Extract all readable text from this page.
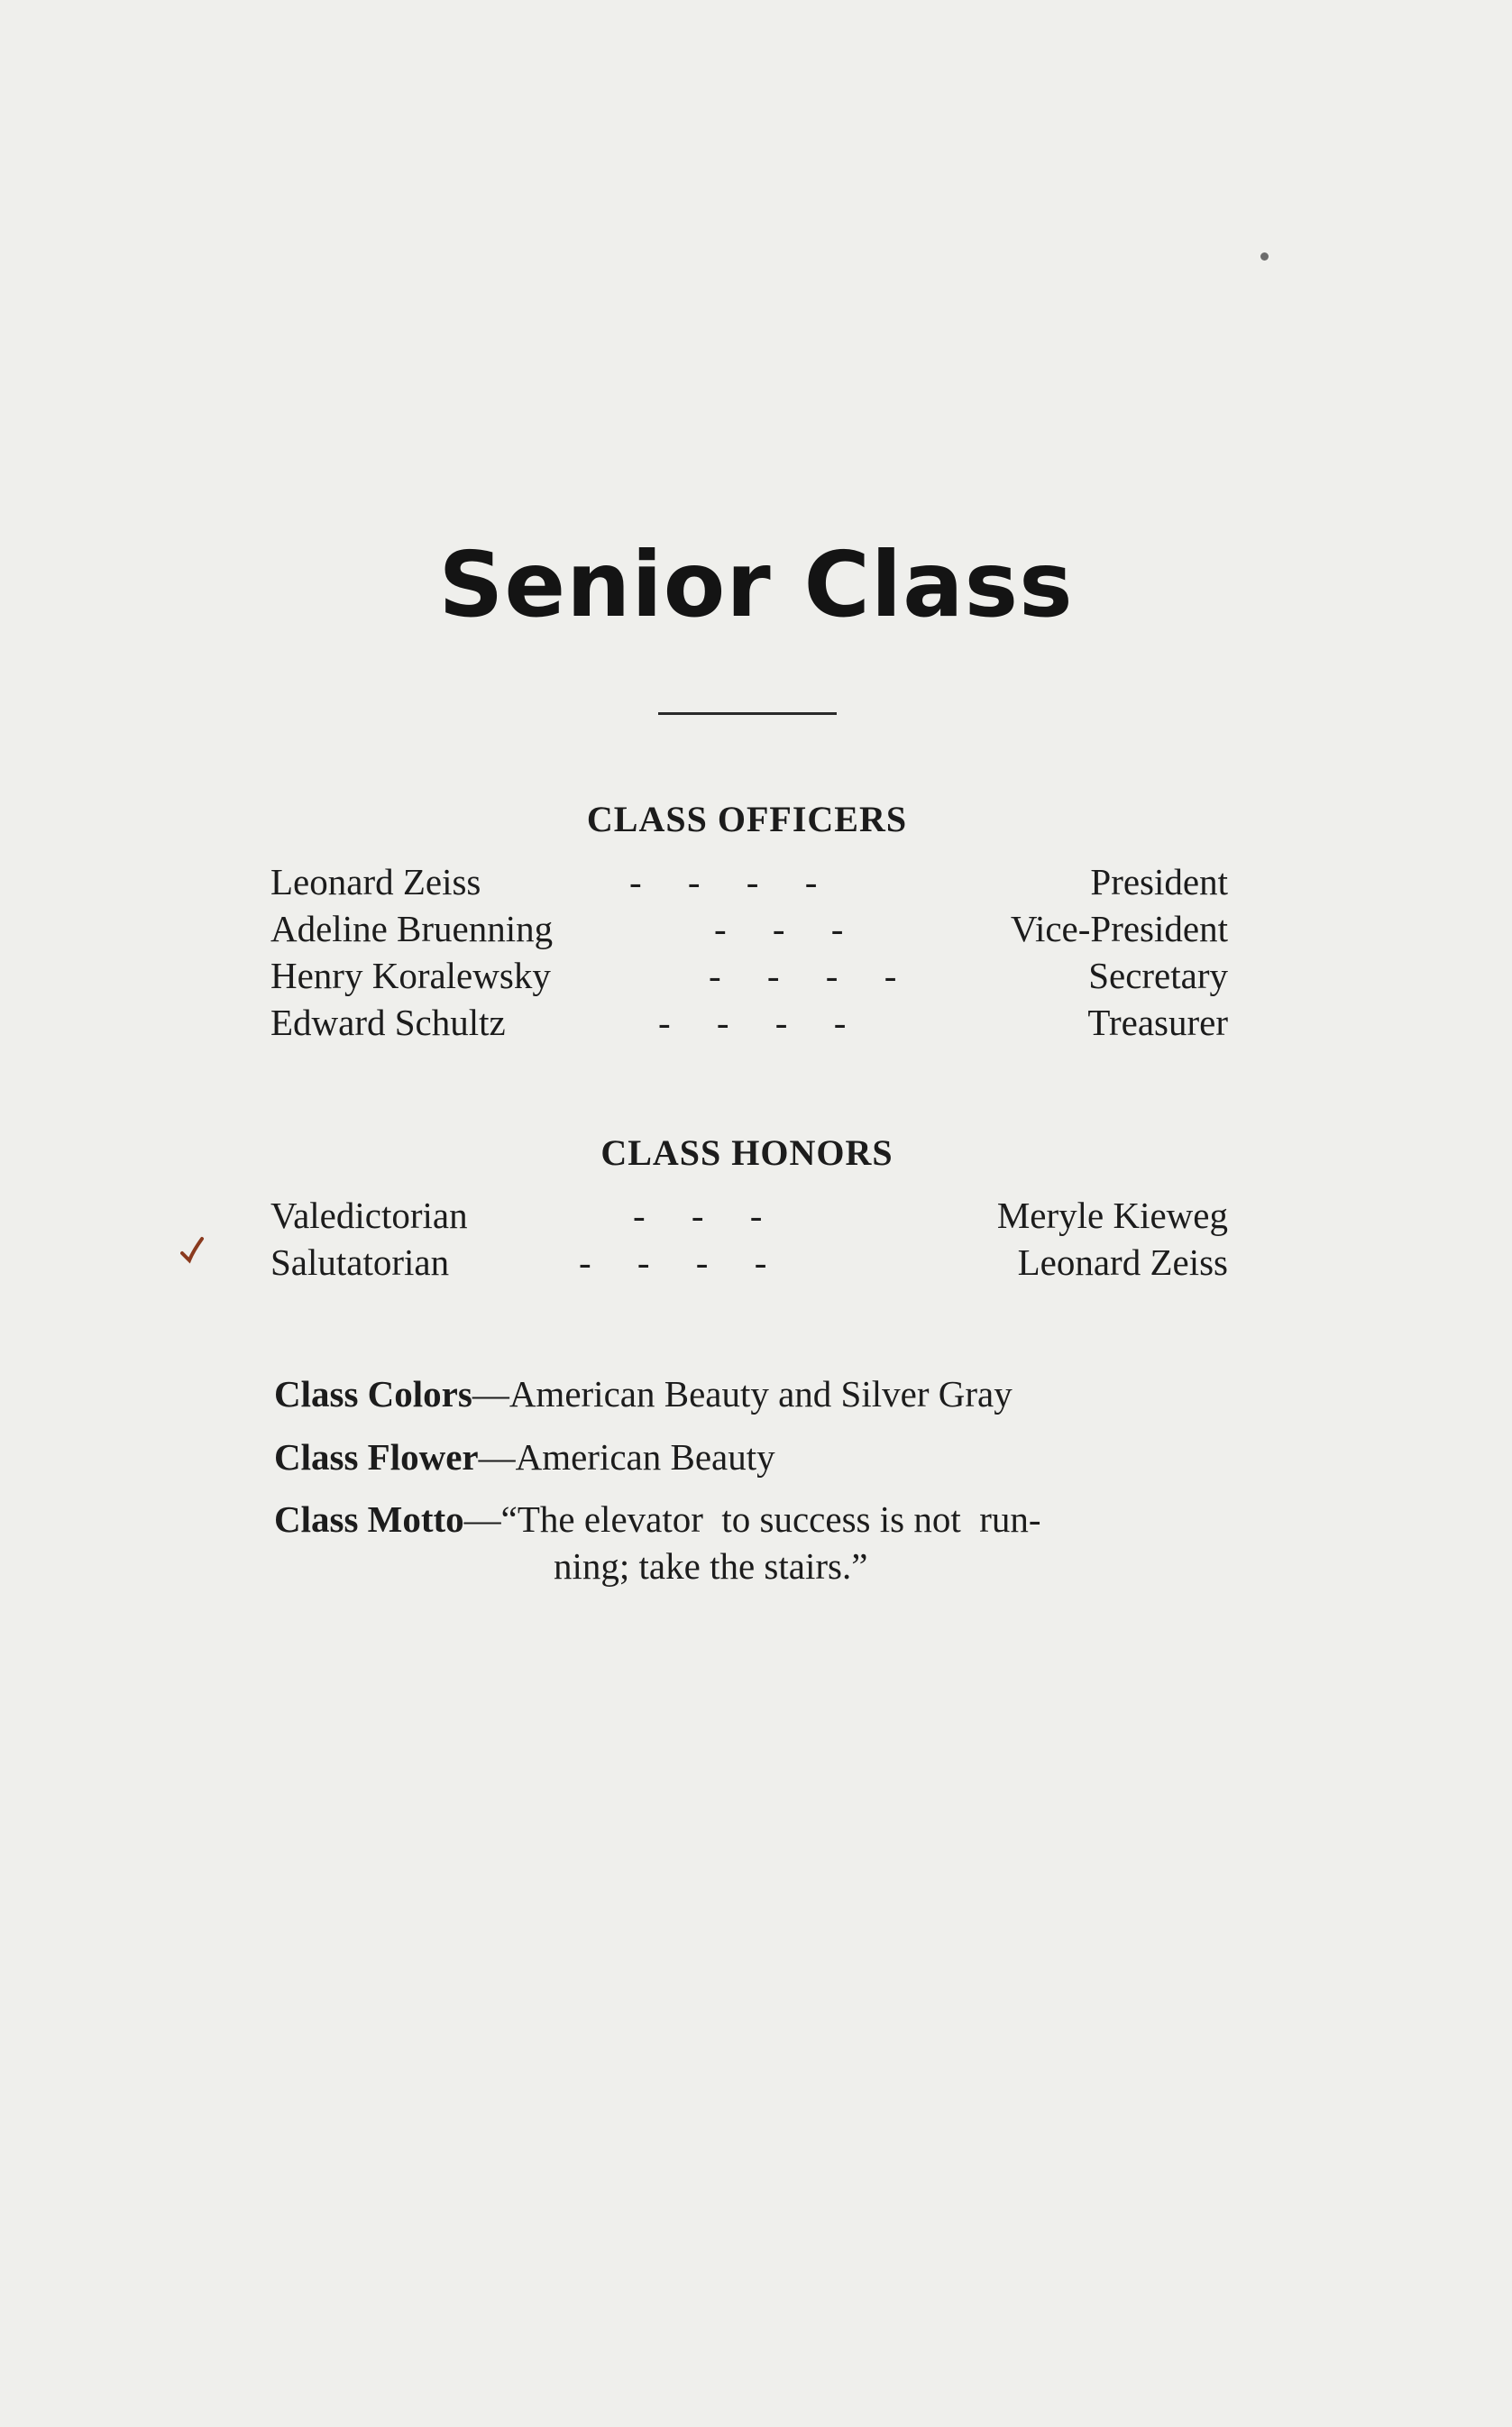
Senior Class
CLASS OFFICERS
Leonard Zeiss	-     -     -     -	President
Adeline Bruenning	-     -     -	Vice-President
Henry Koralewsky	-     -     -     -	Secretary
Edward Schultz	-     -     -     -	Treasurer
CLASS HONORS
Valedictorian	-     -     -	Meryle Kieweg
Salutatorian	-     -     -     -	Leonard Zeiss
Class Colors—American Beauty and Silver Gray
Class Flower—American Beauty
Class Motto—“The elevator  to success is not  run-
ning; take the stairs.”
